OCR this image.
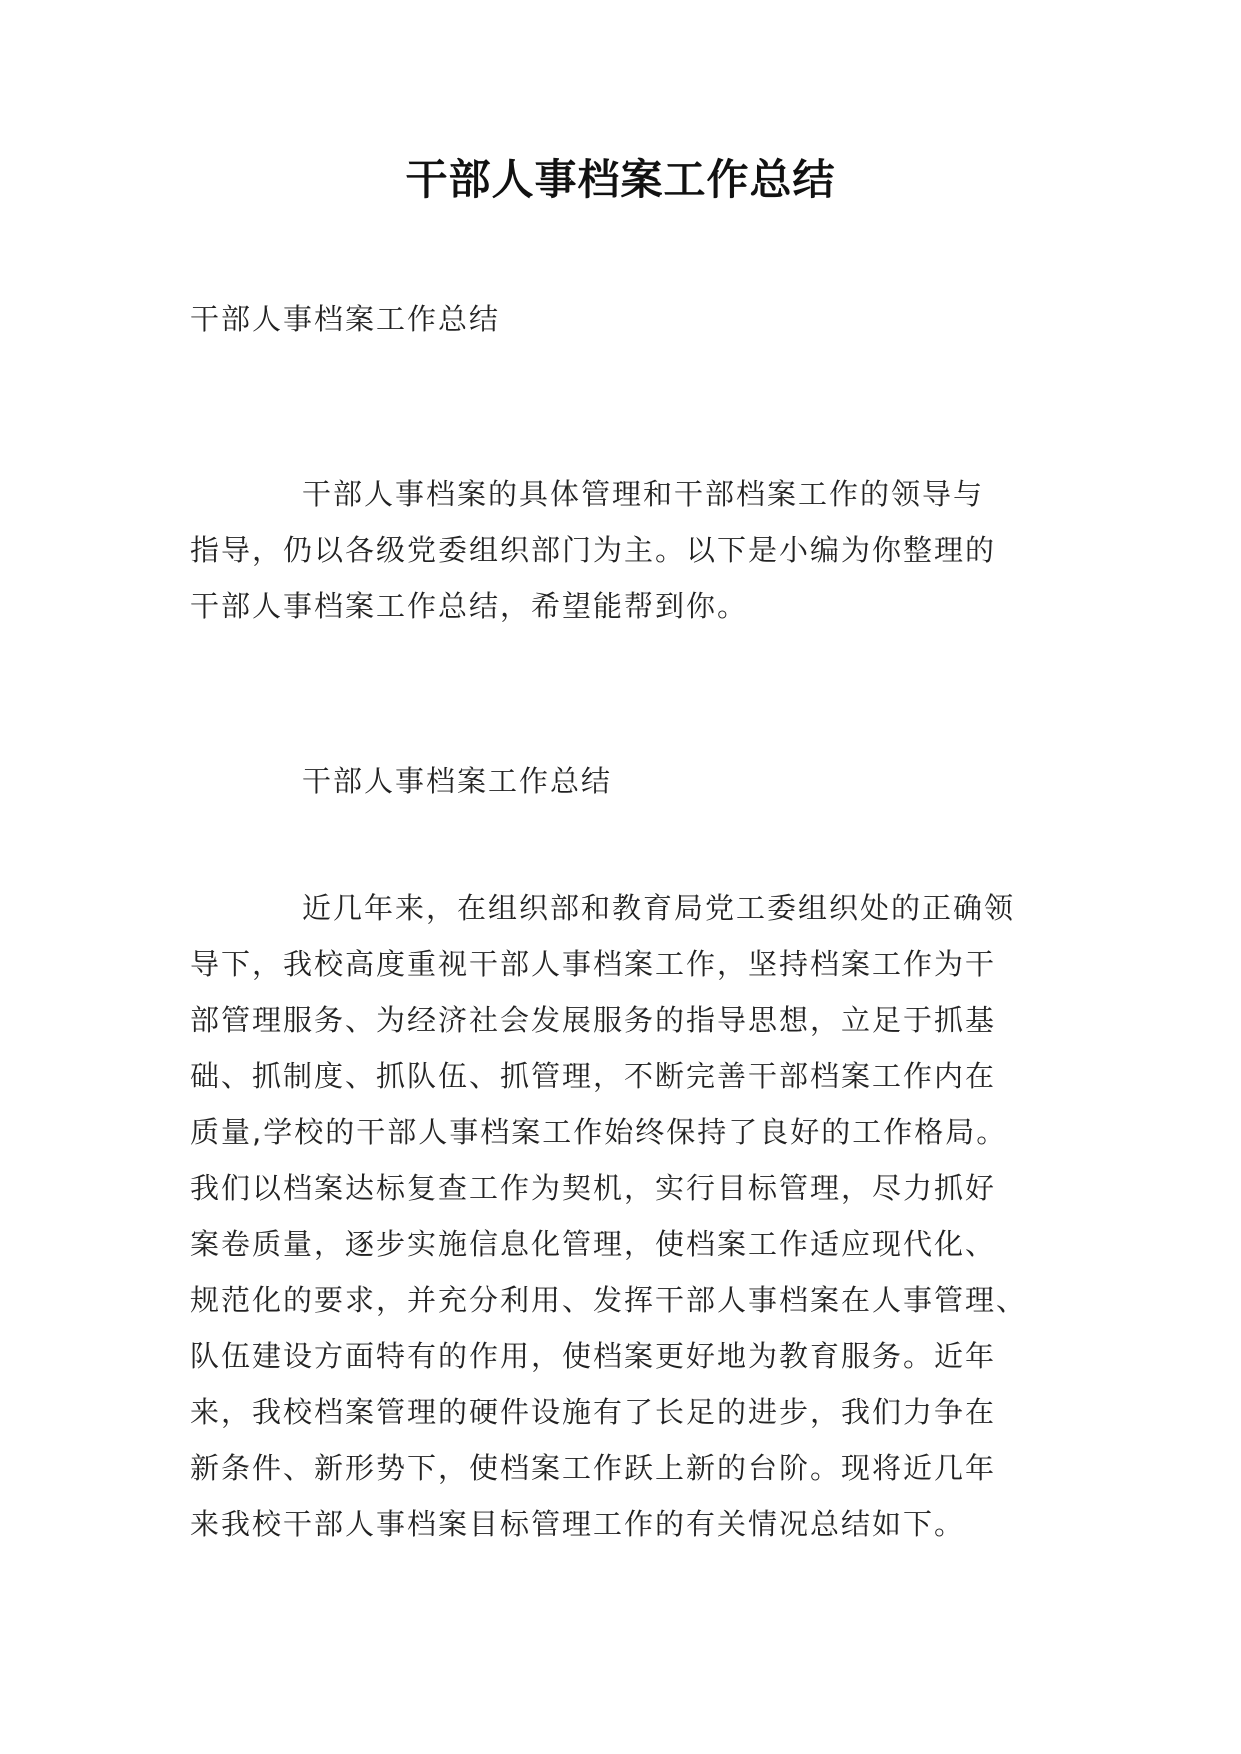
干部人事档案工作总结

干部人事档案工作总结

干部人事档案的具体管理和干部档案工作的领导与
指导，仍以各级党委组织部门为主。以下是小编为你整理的
干部人事档案工作总结，希望能帮到你。

干部人事档案工作总结

近几年来，在组织部和教育局党工委组织处的正确领
导下，我校高度重视干部人事档案工作，坚持档案工作为干
部管理服务、为经济社会发展服务的指导思想，立足于抓基
础、抓制度、抓队伍、抓管理，不断完善干部档案工作内在
质量,学校的干部人事档案工作始终保持了良好的工作格局。
我们以档案达标复查工作为契机，实行目标管理，尽力抓好
案卷质量，逐步实施信息化管理，使档案工作适应现代化、
规范化的要求，并充分利用、发挥干部人事档案在人事管理、
队伍建设方面特有的作用，使档案更好地为教育服务。近年
来，我校档案管理的硬件设施有了长足的进步，我们力争在
新条件、新形势下，使档案工作跃上新的台阶。现将近几年
来我校干部人事档案目标管理工作的有关情况总结如下。
